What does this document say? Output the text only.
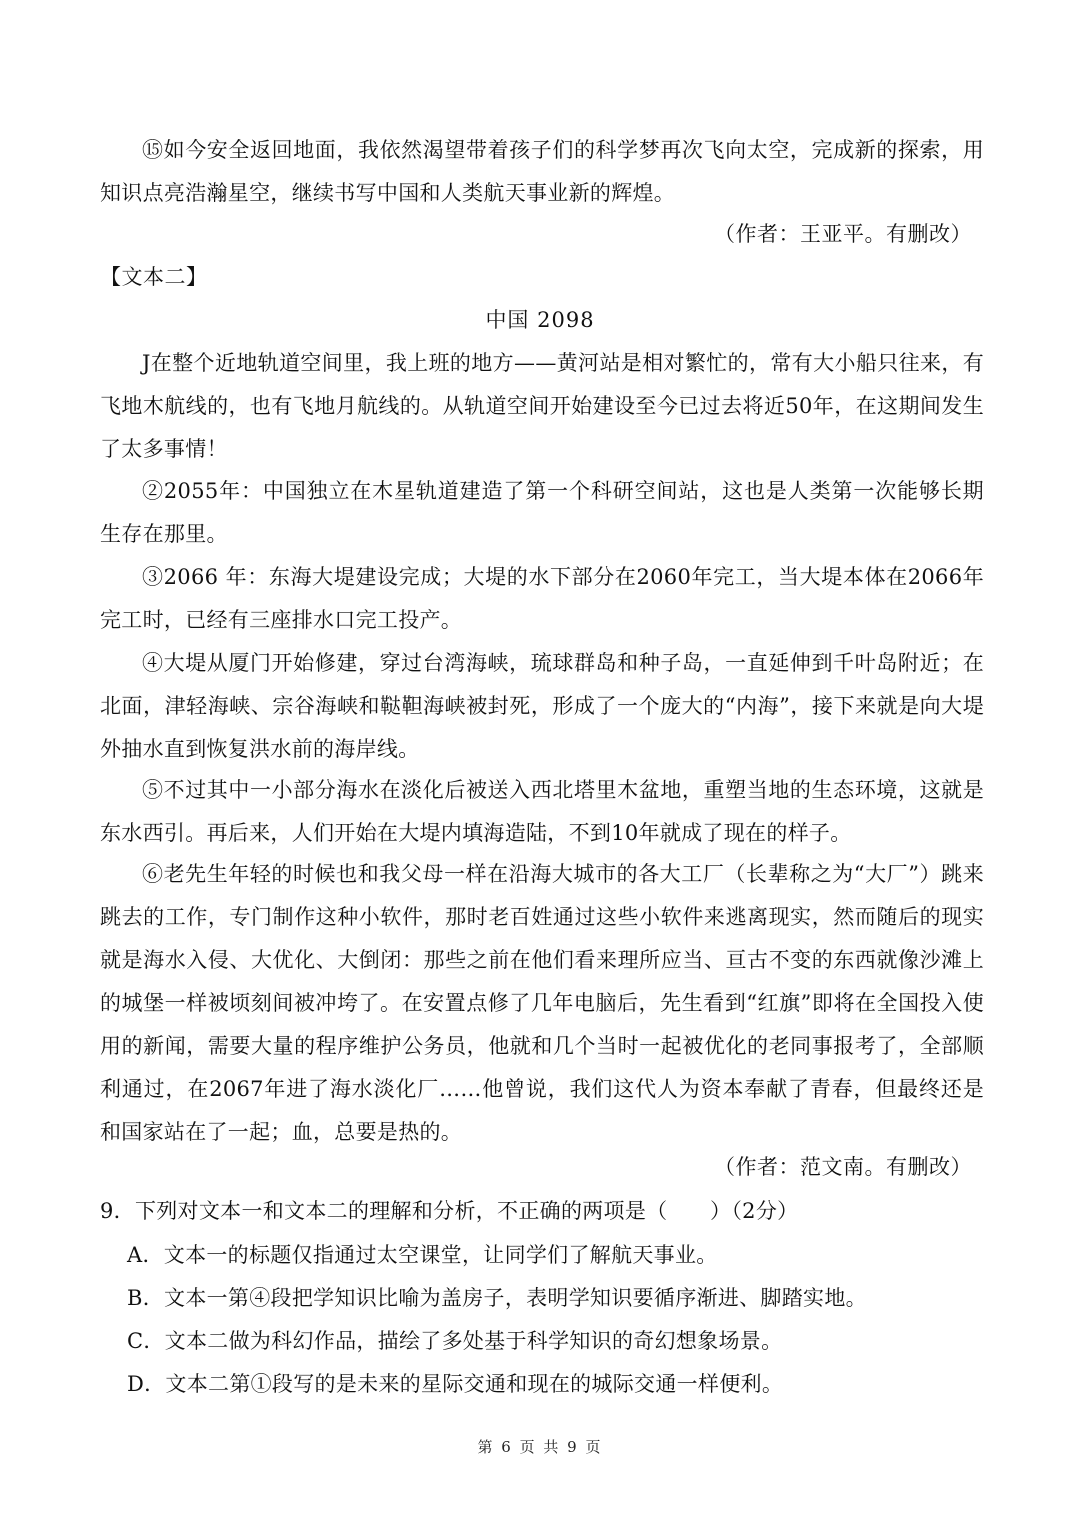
⑮如今安全返回地面，我依然渴望带着孩子们的科学梦再次飞向太空，完成新的探索，用知识点亮浩瀚星空，继续书写中国和人类航天事业新的辉煌。
（作者：王亚平。有删改）
【文本二】
中国 2098
J在整个近地轨道空间里，我上班的地方——黄河站是相对繁忙的，常有大小船只往来，有飞地木航线的，也有飞地月航线的。从轨道空间开始建设至今已过去将近50年，在这期间发生了太多事情！
②2055年：中国独立在木星轨道建造了第一个科研空间站，这也是人类第一次能够长期生存在那里。
③2066 年：东海大堤建设完成；大堤的水下部分在2060年完工，当大堤本体在2066年完工时，已经有三座排水口完工投产。
④大堤从厦门开始修建，穿过台湾海峡，琉球群岛和种子岛，一直延伸到千叶岛附近；在北面，津轻海峡、宗谷海峡和鞑靼海峡被封死，形成了一个庞大的“内海”，接下来就是向大堤外抽水直到恢复洪水前的海岸线。
⑤不过其中一小部分海水在淡化后被送入西北塔里木盆地，重塑当地的生态环境，这就是东水西引。再后来，人们开始在大堤内填海造陆，不到10年就成了现在的样子。
⑥老先生年轻的时候也和我父母一样在沿海大城市的各大工厂（长辈称之为“大厂”）跳来跳去的工作，专门制作这种小软件，那时老百姓通过这些小软件来逃离现实，然而随后的现实就是海水入侵、大优化、大倒闭：那些之前在他们看来理所应当、亘古不变的东西就像沙滩上的城堡一样被顷刻间被冲垮了。在安置点修了几年电脑后，先生看到“红旗”即将在全国投入使用的新闻，需要大量的程序维护公务员，他就和几个当时一起被优化的老同事报考了，全部顺利通过，在2067年进了海水淡化厂……他曾说，我们这代人为资本奉献了青春，但最终还是和国家站在了一起；血，总要是热的。
（作者：范文南。有删改）
9．下列对文本一和文本二的理解和分析，不正确的两项是（　　）（2分）
A．文本一的标题仅指通过太空课堂，让同学们了解航天事业。
B．文本一第④段把学知识比喻为盖房子，表明学知识要循序渐进、脚踏实地。
C．文本二做为科幻作品，描绘了多处基于科学知识的奇幻想象场景。
D．文本二第①段写的是未来的星际交通和现在的城际交通一样便利。
第 6 页 共 9 页
